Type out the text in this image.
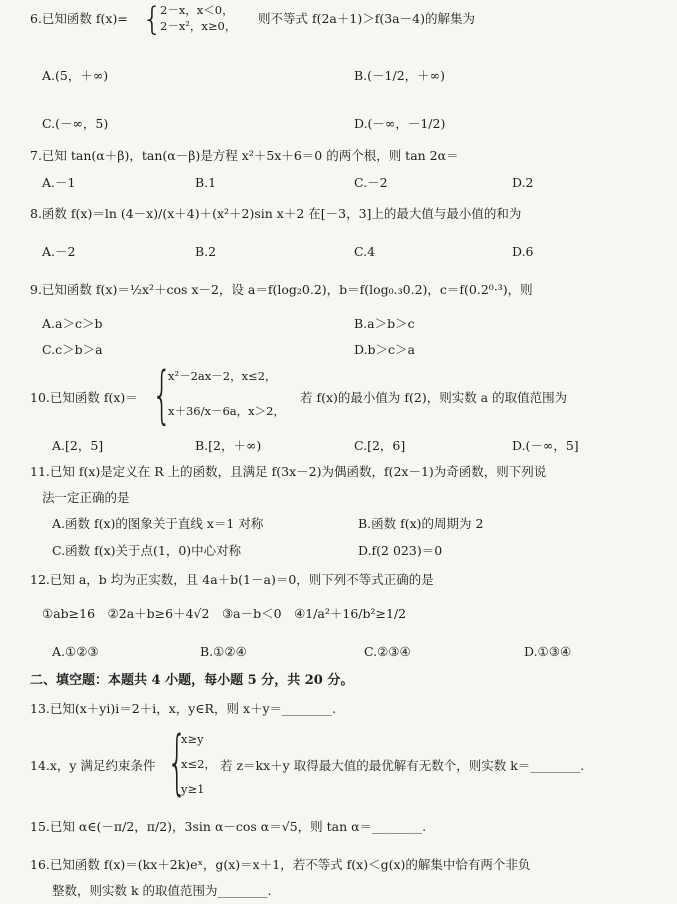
6.已知函数 f(x)= {
2－x，x＜0，
2－x²，x≥0， 则不等式 f(2a＋1)＞f(3a－4)的解集为
A.(5，＋∞)	B.(－1/2，＋∞)
C.(－∞，5)	D.(－∞，－1/2)
7.已知 tan(α＋β)，tan(α－β)是方程 x²＋5x＋6＝0 的两个根，则 tan 2α＝
A.－1	B.1	C.－2	D.2
8.函数 f(x)＝ln (4－x)/(x＋4)＋(x²＋2)sin x＋2 在[－3，3]上的最大值与最小值的和为
A.－2	B.2	C.4	D.6
9.已知函数 f(x)＝½x²＋cos x－2，设 a＝f(log₂0.2)，b＝f(log₀.₃0.2)，c＝f(0.2⁰·³)，则
A.a＞c＞b	B.a＞b＞c
C.c＞b＞a	D.b＞c＞a
10.已知函数 f(x)＝ {
x²－2ax－2，x≤2，
x＋36/x－6a，x＞2，
若 f(x)的最小值为 f(2)，则实数 a 的取值范围为
A.[2，5]	B.[2，＋∞)	C.[2，6]	D.(－∞，5]
11.已知 f(x)是定义在 R 上的函数，且满足 f(3x－2)为偶函数，f(2x－1)为奇函数，则下列说
法一定正确的是
A.函数 f(x)的图象关于直线 x＝1 对称	B.函数 f(x)的周期为 2
C.函数 f(x)关于点(1，0)中心对称	D.f(2 023)＝0
12.已知 a，b 均为正实数，且 4a＋b(1－a)＝0，则下列不等式正确的是
①ab≥16　②2a＋b≥6＋4√2　③a－b＜0　④1/a²＋16/b²≥1/2
A.①②③	B.①②④	C.②③④	D.①③④
二、填空题：本题共 4 小题，每小题 5 分，共 20 分。
13.已知(x＋yi)i＝2＋i，x，y∈R，则 x＋y＝________.
14.x，y 满足约束条件 {
x≥y
x≤2，
y≥1
若 z＝kx＋y 取得最大值的最优解有无数个，则实数 k＝________.
15.已知 α∈(－π/2，π/2)，3sin α－cos α＝√5，则 tan α＝________.
16.已知函数 f(x)＝(kx＋2k)eˣ，g(x)＝x＋1，若不等式 f(x)＜g(x)的解集中恰有两个非负
整数，则实数 k 的取值范围为________.
